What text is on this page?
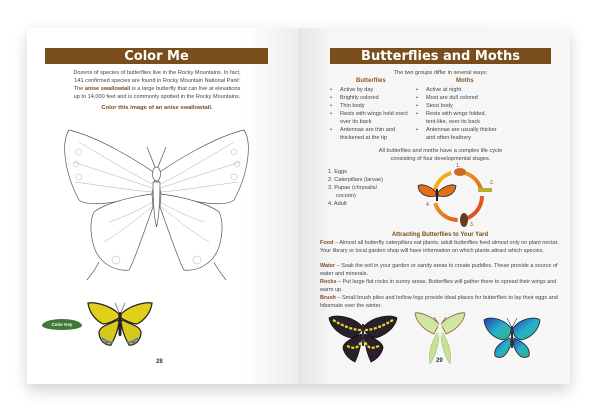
Color Me
Dozens of species of butterflies live in the Rocky Mountains. In fact,
141 confirmed species are found in Rocky Mountain National Park!
The anise swallowtail is a large butterfly that can live at elevations
up to 14,000 feet and is commonly spotted in the Rocky Mountains.
Color this image of an anise swallowtail.
Color Key
28
Butterflies and Moths
The two groups differ in several ways:
Butterflies	Moths
• Active by day
• Brightly colored
• Thin body
• Rests with wings held erect over its back
• Antennae are thin and thickened at the tip
• Active at night
• Most are dull colored
• Stout body
• Rests with wings folded, tent-like, over its back
• Antennae are usually thicker and often feathery
All butterflies and moths have a complex life cycle
consisting of four developmental stages.
1. Eggs
2. Caterpillars (larvae)
3. Pupae (chrysalis/
cocoon)
4. Adult
1.
2.
3.
4.
Attracting Butterflies to Your Yard
Food – Almost all butterfly caterpillars eat plants; adult butterflies feed almost only on plant nectar. Your library or local garden shop will have information on which plants attract which species.
Water – Soak the soil in your garden or sandy areas to create puddles. These provide a source of water and minerals.
Rocks – Put large flat rocks in sunny areas. Butterflies will gather there to spread their wings and warm up.
Brush – Small brush piles and hollow logs provide ideal places for butterflies to lay their eggs and hibernate over the winter.
29
